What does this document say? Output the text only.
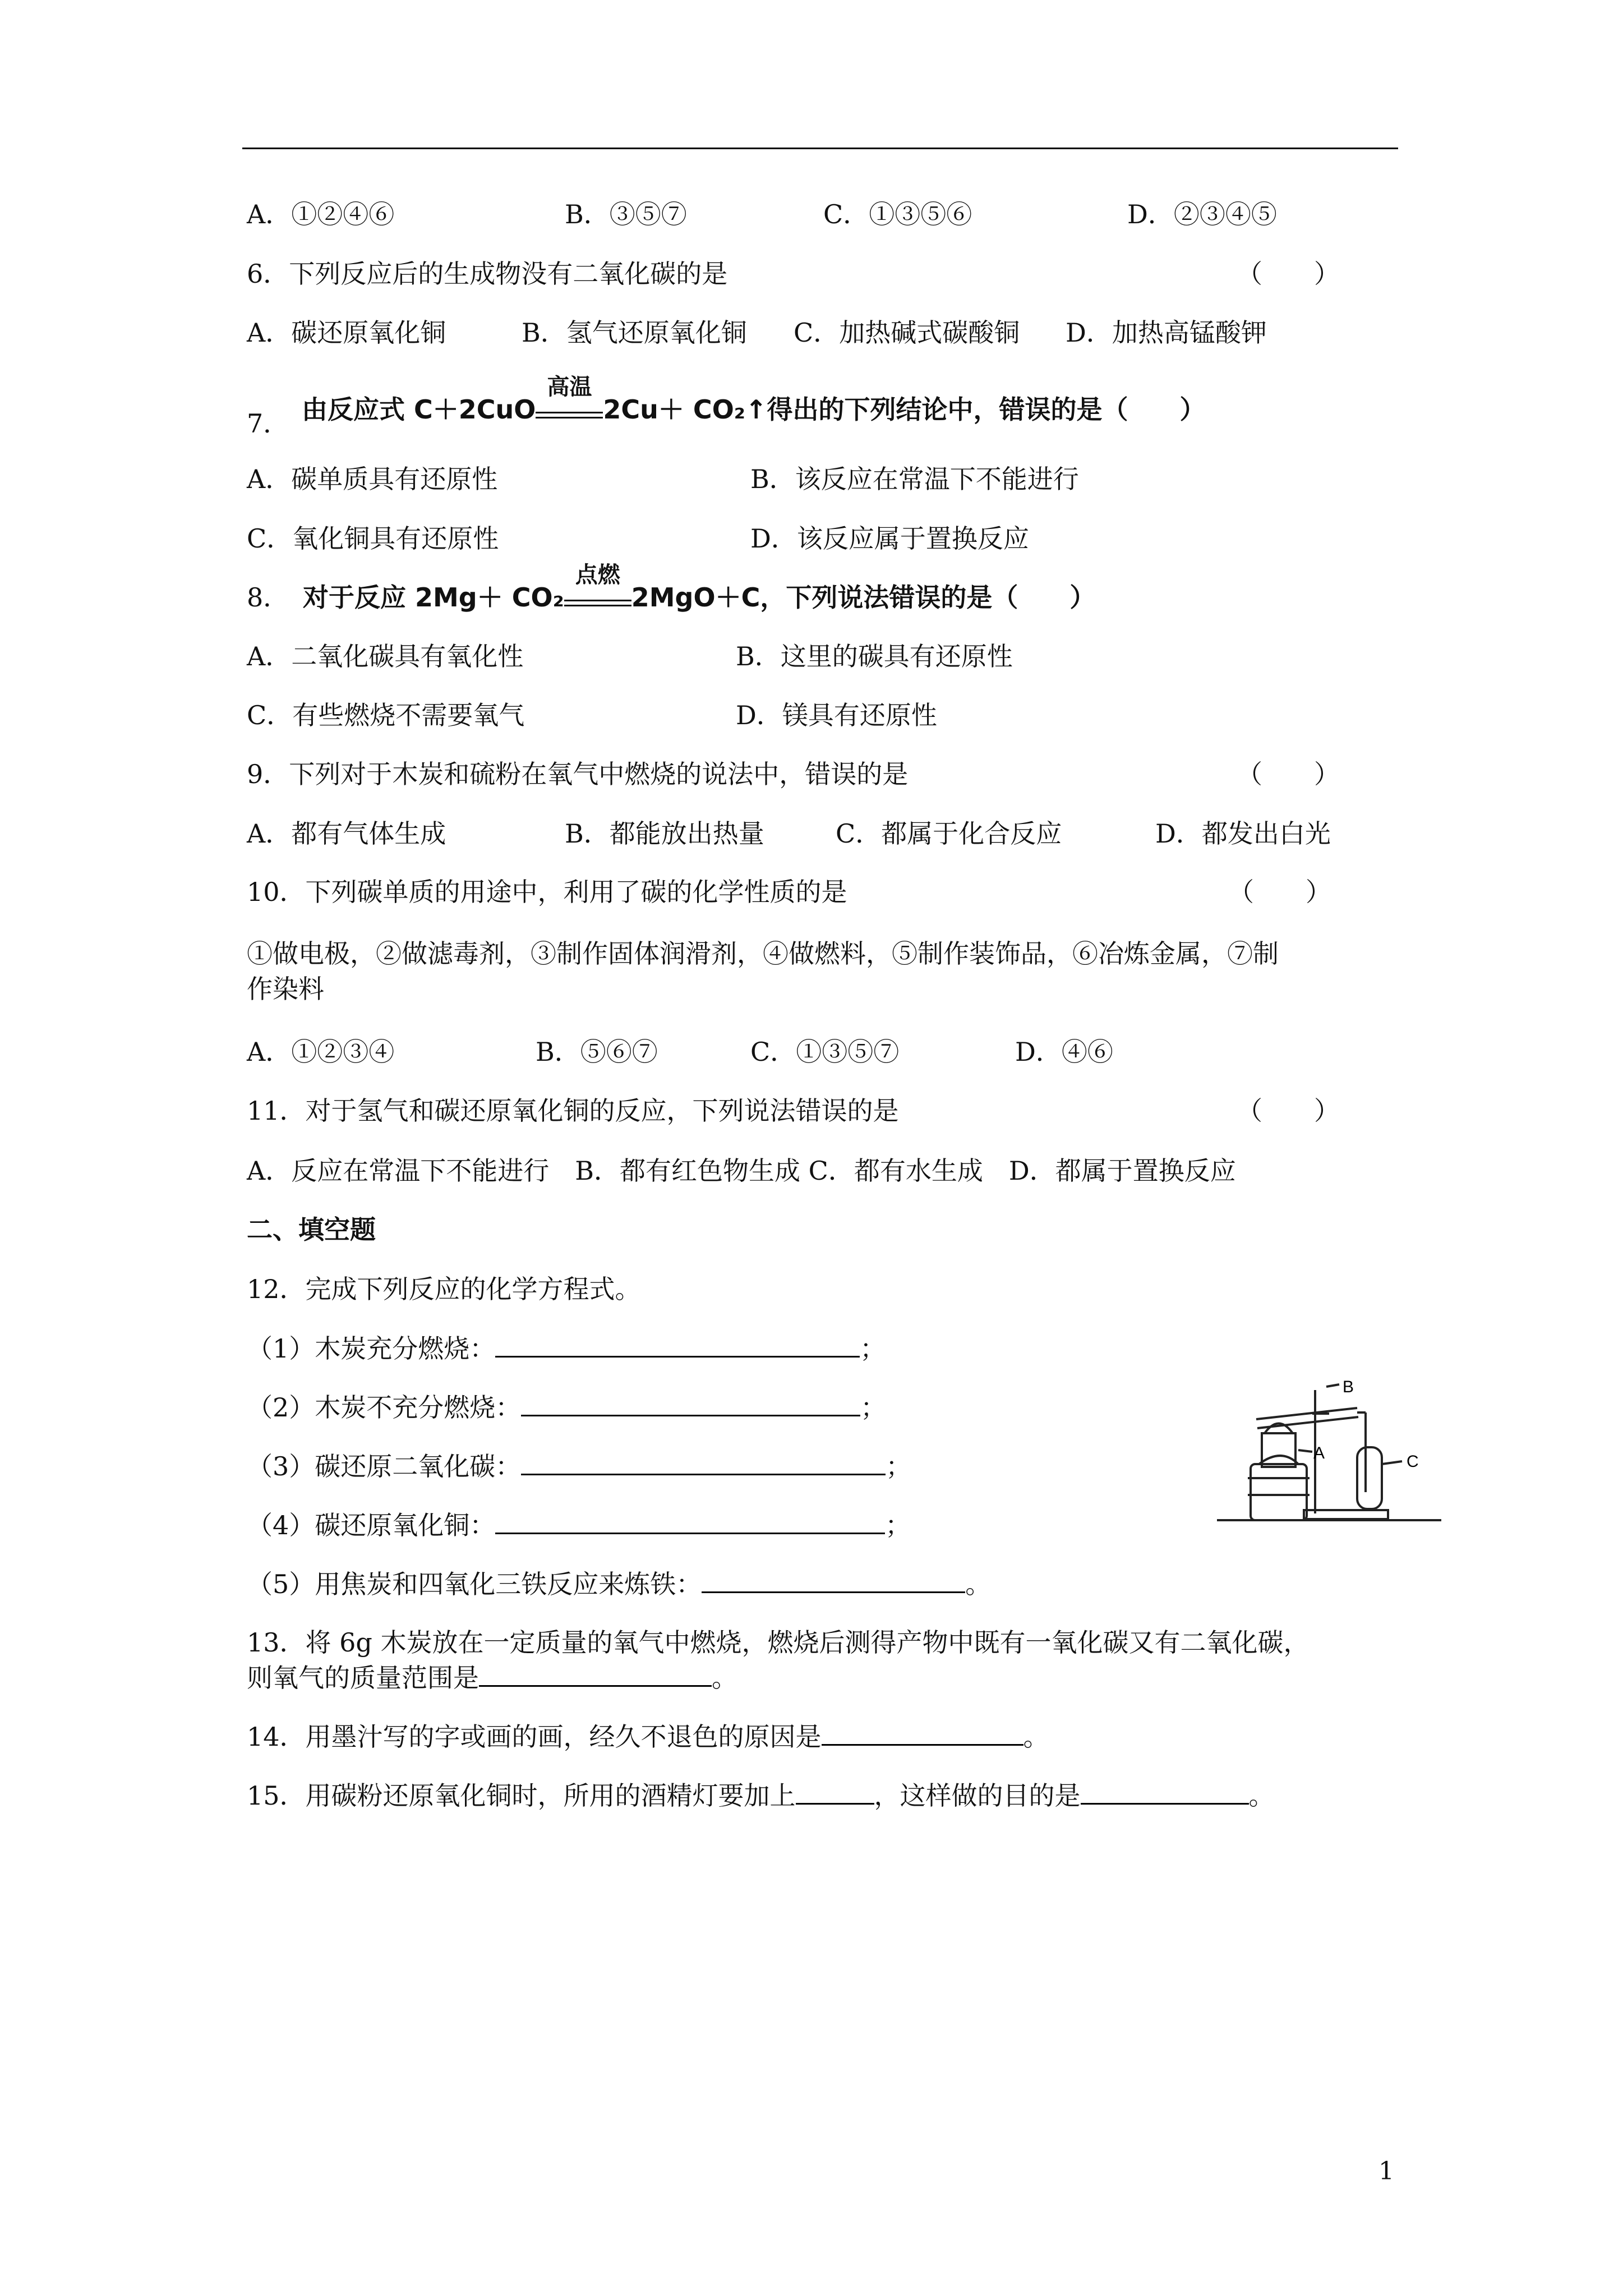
A．①②④⑥	B．③⑤⑦	C．①③⑤⑥	D．②③④⑤
6．下列反应后的生成物没有二氧化碳的是	（　　）
A．碳还原氧化铜	B．氢气还原氧化铜 C．加热碱式碳酸铜 D．加热高锰酸钾
7． 由反应式 C＋2CuO
高温
2Cu＋ CO₂↑得出的下列结论中，错误的是（　　）
A．碳单质具有还原性	B．该反应在常温下不能进行
C．氧化铜具有还原性	D．该反应属于置换反应
8． 对于反应 2Mg＋ CO₂
点燃
2MgO＋C，下列说法错误的是（　　）
A．二氧化碳具有氧化性	B．这里的碳具有还原性
C．有些燃烧不需要氧气	D．镁具有还原性
9．下列对于木炭和硫粉在氧气中燃烧的说法中，错误的是	（　　）
A．都有气体生成	B．都能放出热量	C．都属于化合反应	D．都发出白光
10．下列碳单质的用途中，利用了碳的化学性质的是	（　　）
①做电极，②做滤毒剂，③制作固体润滑剂，④做燃料，⑤制作装饰品，⑥冶炼金属，⑦制
作染料
A．①②③④	B．⑤⑥⑦	C．①③⑤⑦	D．④⑥
11．对于氢气和碳还原氧化铜的反应，下列说法错误的是	（　　）
A．反应在常温下不能进行　B．都有红色物生成 C．都有水生成　D．都属于置换反应
二、填空题
12．完成下列反应的化学方程式。
（1）木炭充分燃烧：	；
（2）木炭不充分燃烧：	；
（3）碳还原二氧化碳：	；
（4）碳还原氧化铜：	；
（5）用焦炭和四氧化三铁反应来炼铁：	。
B
A	C
13．将 6g 木炭放在一定质量的氧气中燃烧，燃烧后测得产物中既有一氧化碳又有二氧化碳，
则氧气的质量范围是	。
14．用墨汁写的字或画的画，经久不退色的原因是	。
15．用碳粉还原氧化铜时，所用的酒精灯要加上	，这样做的目的是	。
1
